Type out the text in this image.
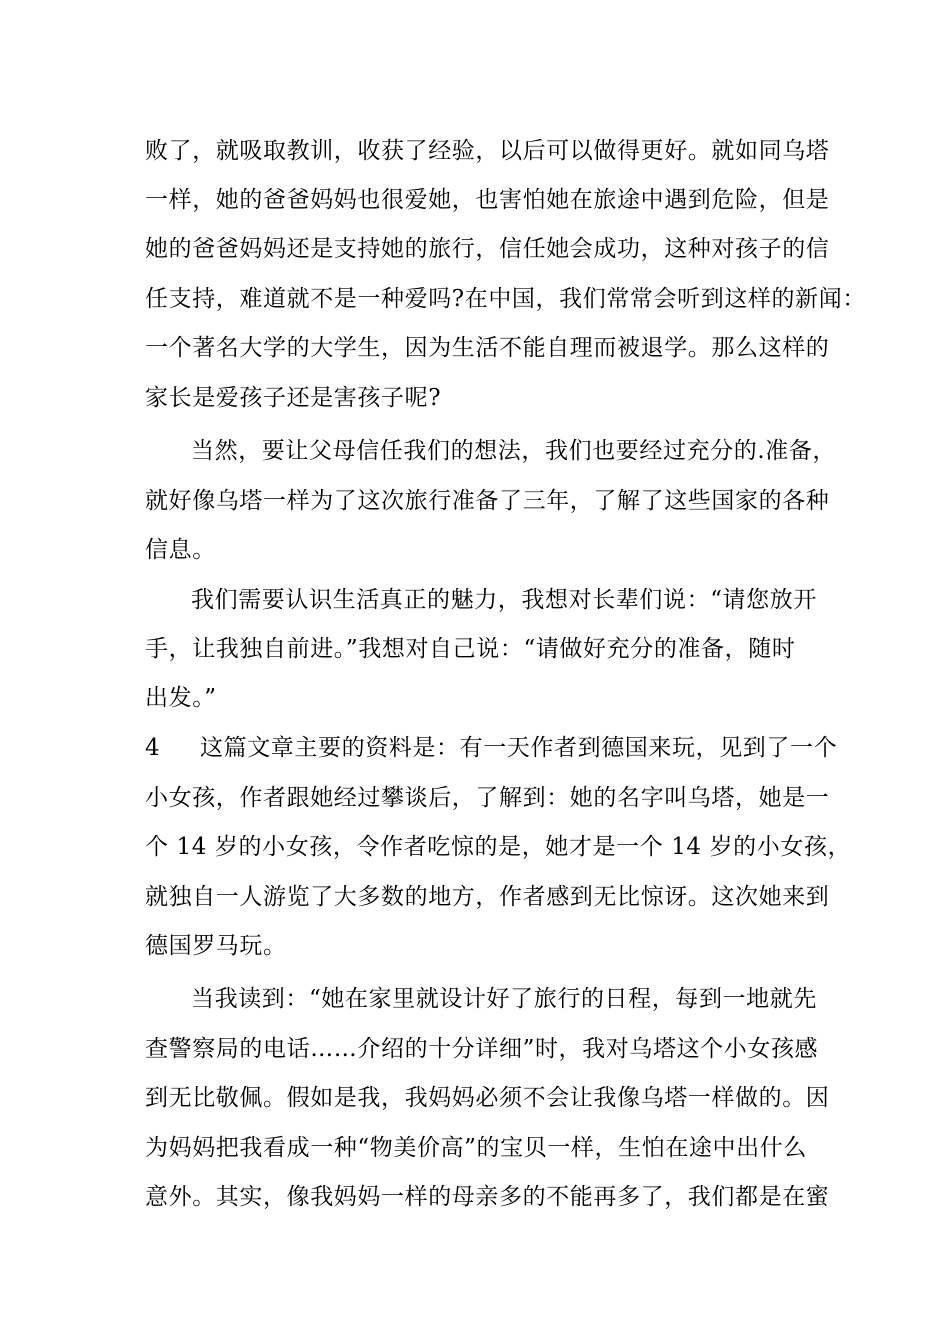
败了，就吸取教训，收获了经验，以后可以做得更好。就如同乌塔
一样，她的爸爸妈妈也很爱她，也害怕她在旅途中遇到危险，但是
她的爸爸妈妈还是支持她的旅行，信任她会成功，这种对孩子的信
任支持，难道就不是一种爱吗?在中国，我们常常会听到这样的新闻：
一个著名大学的大学生，因为生活不能自理而被退学。那么这样的
家长是爱孩子还是害孩子呢?
当然，要让父母信任我们的想法，我们也要经过充分的.准备，
就好像乌塔一样为了这次旅行准备了三年，了解了这些国家的各种
信息。
我们需要认识生活真正的魅力，我想对长辈们说：“请您放开
手，让我独自前进。”我想对自己说：“请做好充分的准备，随时
出发。”
4	这篇文章主要的资料是：有一天作者到德国来玩，见到了一个
小女孩，作者跟她经过攀谈后，了解到：她的名字叫乌塔，她是一
个 14 岁的小女孩，令作者吃惊的是，她才是一个 14 岁的小女孩，
就独自一人游览了大多数的地方，作者感到无比惊讶。这次她来到
德国罗马玩。
当我读到：“她在家里就设计好了旅行的日程，每到一地就先
查警察局的电话……介绍的十分详细”时，我对乌塔这个小女孩感
到无比敬佩。假如是我，我妈妈必须不会让我像乌塔一样做的。因
为妈妈把我看成一种“物美价高”的宝贝一样，生怕在途中出什么
意外。其实，像我妈妈一样的母亲多的不能再多了，我们都是在蜜
